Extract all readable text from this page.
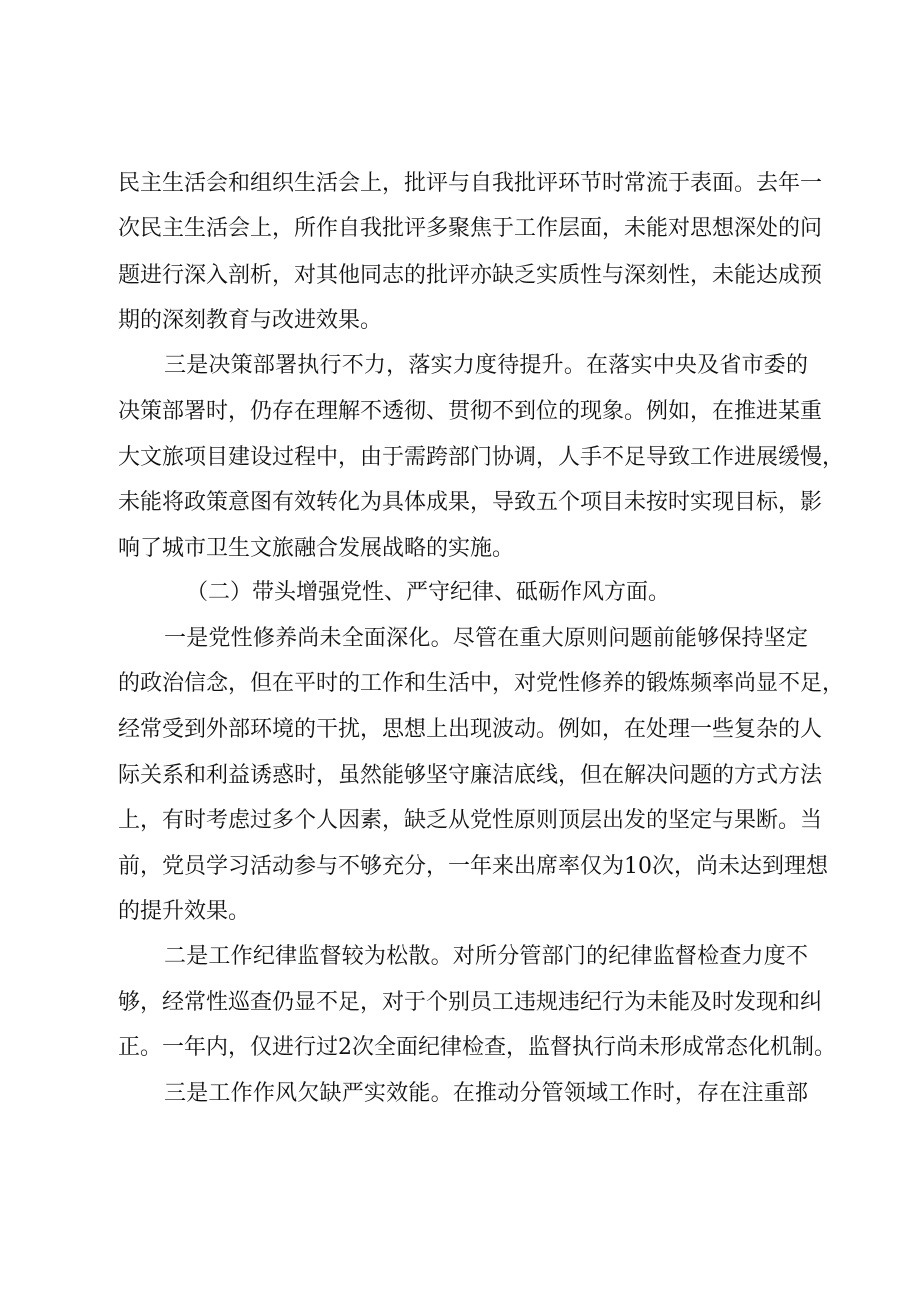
民主生活会和组织生活会上，批评与自我批评环节时常流于表面。去年一
次民主生活会上，所作自我批评多聚焦于工作层面，未能对思想深处的问
题进行深入剖析，对其他同志的批评亦缺乏实质性与深刻性，未能达成预
期的深刻教育与改进效果。
三是决策部署执行不力，落实力度待提升。在落实中央及省市委的
决策部署时，仍存在理解不透彻、贯彻不到位的现象。例如，在推进某重
大文旅项目建设过程中，由于需跨部门协调，人手不足导致工作进展缓慢，
未能将政策意图有效转化为具体成果，导致五个项目未按时实现目标，影
响了城市卫生文旅融合发展战略的实施。
（二）带头增强党性、严守纪律、砥砺作风方面。
一是党性修养尚未全面深化。尽管在重大原则问题前能够保持坚定
的政治信念，但在平时的工作和生活中，对党性修养的锻炼频率尚显不足，
经常受到外部环境的干扰，思想上出现波动。例如，在处理一些复杂的人
际关系和利益诱惑时，虽然能够坚守廉洁底线，但在解决问题的方式方法
上，有时考虑过多个人因素，缺乏从党性原则顶层出发的坚定与果断。当
前，党员学习活动参与不够充分，一年来出席率仅为10次，尚未达到理想
的提升效果。
二是工作纪律监督较为松散。对所分管部门的纪律监督检查力度不
够，经常性巡查仍显不足，对于个别员工违规违纪行为未能及时发现和纠
正。一年内，仅进行过2次全面纪律检查，监督执行尚未形成常态化机制。
三是工作作风欠缺严实效能。在推动分管领域工作时，存在注重部
